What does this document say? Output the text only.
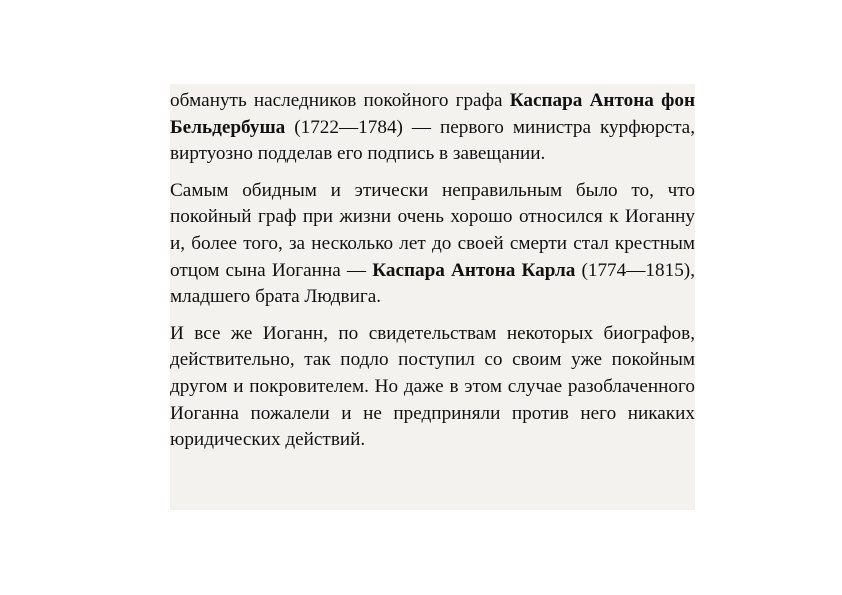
обмануть наследников покойного графа Каспара Антона фон Бельдербуша (1722—1784) — первого министра курфюрста, виртуозно подделав его подпись в завещании.

Самым обидным и этически неправильным было то, что покойный граф при жизни очень хорошо относился к Иоганну и, более того, за несколько лет до своей смерти стал крестным отцом сына Иоганна — Каспара Антона Карла (1774—1815), младшего брата Людвига.

И все же Иоганн, по свидетельствам некоторых биографов, действительно, так подло поступил со своим уже покойным другом и покровителем. Но даже в этом случае разоблаченного Иоганна пожалели и не предприняли против него никаких юридических действий.
